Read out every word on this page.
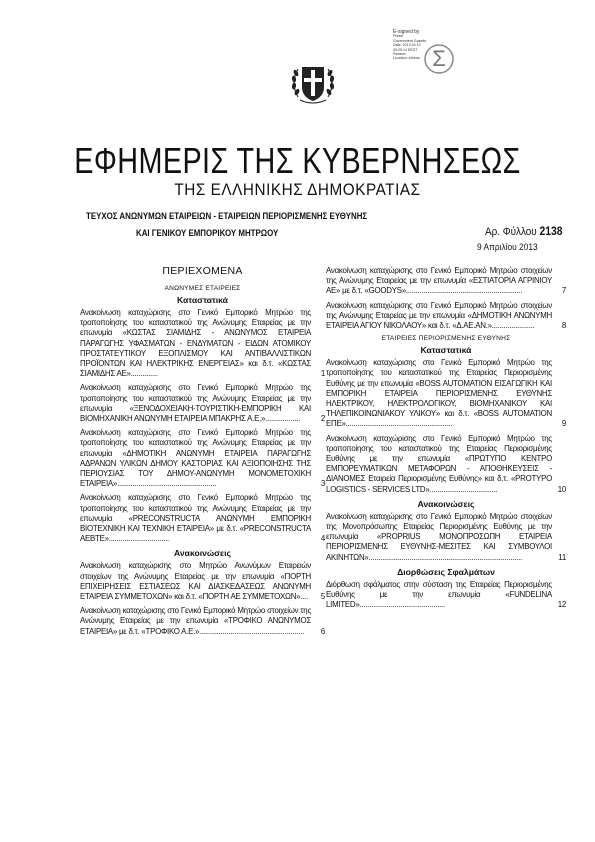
Σ
E-signed by
Printer
Government Gazette
Date: 2013.04.10
09:25:14 EEST
Reason:
Location: Athens
ΕΦΗΜΕΡΙΣ ΤΗΣ ΚΥΒΕΡΝΗΣΕΩΣ
ΤΗΣ ΕΛΛΗΝΙΚΗΣ ΔΗΜΟΚΡΑΤΙΑΣ
ΤΕΥΧΟΣ ΑΝΩΝΥΜΩΝ ΕΤΑΙΡΕΙΩΝ - ΕΤΑΙΡΕΙΩΝ ΠΕΡΙΟΡΙΣΜΕΝΗΣ ΕΥΘΥΝΗΣ
ΚΑΙ ΓΕΝΙΚΟΥ ΕΜΠΟΡΙΚΟΥ ΜΗΤΡΩΟΥ	Αρ. Φύλλου 2138
9 Απριλίου 2013
ΠΕΡΙΕΧΟΜΕΝΑ
ΑΝΩΝΥΜΕΣ ΕΤΑΙΡΕΙΕΣ
Καταστατικά

Ανακοίνωση καταχώρισης στο Γενικό Εμπορικό Μητρώο της τροποποίησης του καταστατικού της Ανώνυμης Εταιρείας με την επωνυμία «ΚΩΣΤΑΣ ΣΙΑΜΙΔΗΣ - ΑΝΩΝΥΜΟΣ ΕΤΑΙΡΕΙΑ ΠΑΡΑΓΩΓΗΣ ΥΦΑΣΜΑΤΩΝ - ΕΝΔΥΜΑΤΩΝ - ΕΙΔΩΝ ΑΤΟΜΙΚΟΥ ΠΡΟΣΤΑΤΕΥΤΙΚΟΥ ΕΞΟΠΛΙΣΜΟΥ ΚΑΙ ΑΝΤΙΒΑΛΛΙΣΤΙΚΩΝ ΠΡΟΪΟΝΤΩΝ ΚΑΙ ΗΛΕΚΤΡΙΚΗΣ ΕΝΕΡΓΕΙΑΣ» και δ.τ. «ΚΩΣΤΑΣ ΣΙΑΜΙΔΗΣ ΑΕ»..............	1

Ανακοίνωση καταχώρισης στο Γενικό Εμπορικό Μητρώο της τροποποίησης του καταστατικού της Ανώνυμης Εταιρείας με την επωνυμία «ΞΕΝΟΔΟΧΕΙΑΚΗ-ΤΟΥΡΙΣΤΙΚΗ-ΕΜΠΟΡΙΚΗ ΚΑΙ ΒΙΟΜΗΧΑΝΙΚΗ ΑΝΩΝΥΜΗ ΕΤΑΙΡΕΙΑ ΜΠΑΚΡΗΣ Α.Ε.»..................	2

Ανακοίνωση καταχώρισης στο Γενικό Εμπορικό Μητρώο της τροποποίησης του καταστατικού της Ανώνυμης Εταιρείας με την επωνυμία «ΔΗΜΟΤΙΚΗ ΑΝΩΝΥΜΗ ΕΤΑΙΡΕΙΑ ΠΑΡΑΓΩΓΗΣ ΑΔΡΑΝΩΝ ΥΛΙΚΩΝ ΔΗΜΟΥ ΚΑΣΤΟΡΙΑΣ ΚΑΙ ΑΞΙΟΠΟΙΗΣΗΣ ΤΗΣ ΠΕΡΙΟΥΣΙΑΣ ΤΟΥ ΔΗΜΟΥ-ΑΝΩΝΥΜΗ ΜΟΝΟΜΕΤΟΧΙΚΗ ΕΤΑΙΡΕΙΑ»...................................................	3

Ανακοίνωση καταχώρισης στο Γενικό Εμπορικό Μητρώο της τροποποίησης του καταστατικού της Ανώνυμης Εταιρείας με την επωνυμία «PRECONSTRUCTA ΑΝΩΝΥΜΗ ΕΜΠΟΡΙΚΗ ΒΙΟΤΕΧΝΙΚΗ ΚΑΙ ΤΕΧΝΙΚΗ ΕΤΑΙΡΕΙΑ» με δ.τ. «PRECONSTRUCTA ΑΕΒΤΕ»...............................	4

Ανακοινώσεις

Ανακοίνωση καταχώρισης στο Μητρώο Ανωνύμων Εταιρειών στοιχείων της Ανώνυμης Εταιρείας με την επωνυμία «ΠΟΡΤΗ ΕΠΙΧΕΙΡΗΣΕΙΣ ΕΣΤΙΑΣΕΩΣ ΚΑΙ ΔΙΑΣΚΕΔΑΣΕΩΣ ΑΝΩΝΥΜΗ ΕΤΑΙΡΕΙΑ ΣΥΜΜΕΤΟΧΩΝ» και δ.τ. «ΠΟΡΤΗ ΑΕ ΣΥΜΜΕΤΟΧΩΝ».... 5

Ανακοίνωση καταχώρισης στο Γενικό Εμπορικό Μητρώο στοιχείων της Ανώνυμης Εταιρείας με την επωνυμία «ΤΡΟΦΙΚΟ ΑΝΩΝΥΜΟΣ ΕΤΑΙΡΕΙΑ» με δ.τ. «ΤΡΟΦΙΚΟ Α.Ε.»...................................................... 6

Ανακοίνωση καταχώρισης στο Γενικό Εμπορικό Μητρώο στοιχείων της Ανώνυμης Εταιρείας με την επωνυμία «ΕΣΤΙΑΤΟΡΙΑ ΑΓΡΙΝΙΟΥ ΑΕ» με δ.τ. «GOODYS»............................................................	7

Ανακοίνωση καταχώρισης στο Γενικό Εμπορικό Μητρώο στοιχείων της Ανώνυμης Εταιρείας με την επωνυμία «ΔΗΜΟΤΙΚΗ ΑΝΩΝΥΜΗ ΕΤΑΙΡΕΙΑ ΑΓΙΟΥ ΝΙΚΟΛΑΟΥ» και δ.τ. «Δ.ΑΕ.ΑΝ.»......................	8

ΕΤΑΙΡΕΙΕΣ ΠΕΡΙΟΡΙΣΜΕΝΗΣ ΕΥΘΥΝΗΣ
Καταστατικά

Ανακοίνωση καταχώρισης στο Γενικό Εμπορικό Μητρώο της τροποποίησης του καταστατικού της Εταιρείας Περιορισμένης Ευθύνης με την επωνυμία «BOSS AUTOMATION ΕΙΣΑΓΩΓΙΚΗ ΚΑΙ ΕΜΠΟΡΙΚΗ ΕΤΑΙΡΕΙΑ ΠΕΡΙΟΡΙΣΜΕΝΗΣ ΕΥΘΥΝΗΣ ΗΛΕΚΤΡΙΚΟΥ, ΗΛΕΚΤΡΟΛΟΓΙΚΟΥ, ΒΙΟΜΗΧΑΝΙΚΟΥ ΚΑΙ ΤΗΛΕΠΙΚΟΙΝΩΝΙΑΚΟΥ ΥΛΙΚΟΥ» και δ.τ. «BOSS AUTOMATION ΕΠΕ».......................................................	9

Ανακοίνωση καταχώρισης στο Γενικό Εμπορικό Μητρώο της τροποποίησης του καταστατικού της Εταιρείας Περιορισμένης Ευθύνης με την επωνυμία «ΠΡΩΤΥΠΟ ΚΕΝΤΡΟ ΕΜΠΟΡΕΥΜΑΤΙΚΩΝ ΜΕΤΑΦΟΡΩΝ - ΑΠΟΘΗΚΕΥΣΕΙΣ - ΔΙΑΝΟΜΕΣ Εταιρεία Περιορισμένης Ευθύνης» και δ.τ. «PROTYPO LOGISTICS - SERVICES LTD»...................................	10

Ανακοινώσεις

Ανακοίνωση καταχώρισης στο Γενικό Εμπορικό Μητρώο στοιχείων της Μονοπρόσωπης Εταιρείας Περιορισμένης Ευθύνης με την επωνυμία «PROPRIUS ΜΟΝΟΠΡΟΣΩΠΗ ΕΤΑΙΡΕΙΑ ΠΕΡΙΟΡΙΣΜΕΝΗΣ ΕΥΘΥΝΗΣ-ΜΕΣΙΤΕΣ ΚΑΙ ΣΥΜΒΟΥΛΟΙ ΑΚΙΝΗΤΩΝ»...............................................................................	11

Διορθώσεις Σφαλμάτων

Διόρθωση σφάλματος στην σύσταση της Εταιρείας Περιορισμένης Ευθύνης με την επωνυμία «FUNDELINA LIMITED»............................................	12
